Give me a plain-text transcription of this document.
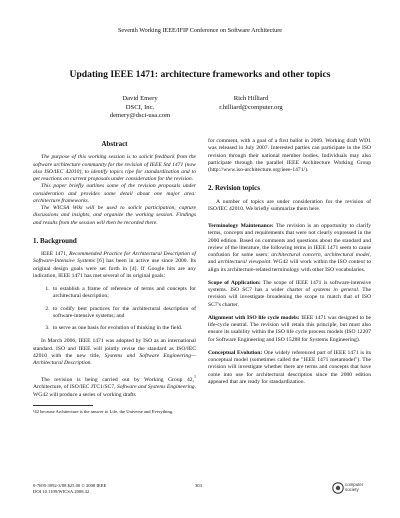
Seventh Working IEEE/IFIP Conference on Software Architecture
Updating IEEE 1471: architecture frameworks and other topics
David Emery
DSCI, Inc.
demery@dsci-usa.com
Rich Hilliard
r.hilliard@computer.org
Abstract

The purpose of this working session is to solicit feedback from the software architecture community for the revision of IEEE Std 1471 (now also ISO/IEC 42010), to identify topics ripe for standardization and to get reactions on current proposals under consideration for the revision.

This paper briefly outlines some of the revision proposals under consideration and provides some detail about one major area: architecture frameworks.

The WICSA Wiki will be used to solicit participation, capture discussions and insights, and organize the working session. Findings and results from the session will then be recorded there.

1. Background

IEEE 1471, Recommended Practice for Architectural Description of Software-Intensive Systems [6] has been in active use since 2000. Its original design goals were set forth in [4]. If Google hits are any indication, IEEE 1471 has met several of its original goals:

1. to establish a frame of reference of terms and concepts for architectural description;
2. to codify best practices for the architectural description of software-intensive systems; and
3. to serve as one basis for evolution of thinking in the field.

In March 2006, IEEE 1471 was adopted by ISO as an international standard. ISO and IEEE will jointly revise the standard as ISO/IEC 42010 with the new title, Systems and Software Engineering—Architectural Description.

The revision is being carried out by Working Group 42,$^1$ Architecture, of ISO/IEC JTC1/SC7, Software and Systems Engineering. WG42 will produce a series of working drafts

¹42 because Architecture is the answer to Life, the Universe and Everything.

for comment, with a goal of a first ballot in 2009. Working draft WD1 was released in July 2007. Interested parties can participate in the ISO revision through their national member bodies. Individuals may also participate through the parallel IEEE Architecture Working Group (http://www.iso-architecture.org/ieee-1471/).

2. Revision topics

A number of topics are under consideration for the revision of ISO/IEC 42010. We briefly summarize them here.

Terminology Maintenance: The revision is an opportunity to clarify terms, concepts and requirements that were not clearly expressed in the 2000 edition. Based on comments and questions about the standard and review of the literature, the following terms in IEEE 1471 seem to cause confusion for some users: architectural concern, architectural model, and architectural viewpoint. WG42 will work within the ISO context to align its architecture-related terminology with other ISO vocabularies.

Scope of Application: The scope of IEEE 1471 is software-intensive systems. ISO SC7 has a wider charter of systems in general. The revision will investigate broadening the scope to match that of ISO SC7's charter.

Alignment with ISO life cycle models: IEEE 1471 was designed to be life-cycle neutral. The revision will retain this principle, but must also ensure its usability within the ISO life cycle process models (ISO 12207 for Software Engineering and ISO 15288 for Systems Engineering).

Conceptual Evolution: One widely referenced part of IEEE 1471 is its conceptual model (sometimes called the "IEEE 1471 metamodel"). The revision will investigate whether there are terms and concepts that have come into use for architectural description since the 2000 edition appeared that are ready for standardization.

0-7695-3092-3/08 $25.00 © 2008 IEEE
DOI 10.1109/WICSA.2008.32
303	computer
society
